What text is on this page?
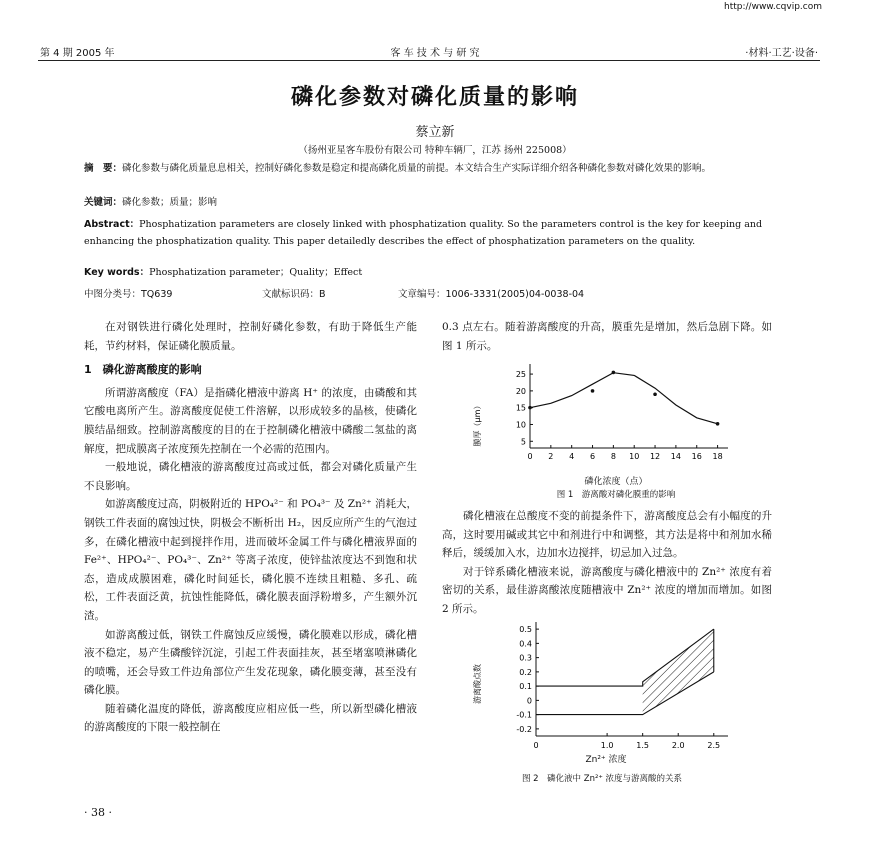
http://www.cqvip.com
第 4 期 2005 年	客 车 技 术 与 研 究	·材料·工艺·设备·
磷化参数对磷化质量的影响
蔡立新
（扬州亚星客车股份有限公司 特种车辆厂，江苏 扬州 225008）
摘　要：磷化参数与磷化质量息息相关，控制好磷化参数是稳定和提高磷化质量的前提。本文结合生产实际详细介绍各种磷化参数对磷化效果的影响。
关键词：磷化参数；质量；影响
Abstract：Phosphatization parameters are closely linked with phosphatization quality. So the parameters control is the key for keeping and enhancing the phosphatization quality. This paper detailedly describes the effect of phosphatization parameters on the quality.
Key words：Phosphatization parameter；Quality；Effect
中图分类号：TQ639	文献标识码：B	文章编号：1006-3331(2005)04-0038-04

在对钢铁进行磷化处理时，控制好磷化参数，有助于降低生产能耗，节约材料，保证磷化膜质量。

1　磷化游离酸度的影响

所谓游离酸度（FA）是指磷化槽液中游离 H⁺ 的浓度，由磷酸和其它酸电离所产生。游离酸度促使工件溶解，以形成较多的晶核，使磷化膜结晶细致。控制游离酸度的目的在于控制磷化槽液中磷酸二氢盐的离解度，把成膜离子浓度预先控制在一个必需的范围内。

一般地说，磷化槽液的游离酸度过高或过低，都会对磷化质量产生不良影响。

如游离酸度过高，阴极附近的 HPO₄²⁻ 和 PO₄³⁻ 及 Zn²⁺ 消耗大，钢铁工件表面的腐蚀过快，阴极会不断析出 H₂，因反应所产生的气泡过多，在磷化槽液中起到搅拌作用，进而破坏金属工件与磷化槽液界面的 Fe²⁺、HPO₄²⁻、PO₄³⁻、Zn²⁺ 等离子浓度，使锌盐浓度达不到饱和状态，造成成膜困难，磷化时间延长，磷化膜不连续且粗糙、多孔、疏松，工件表面泛黄，抗蚀性能降低，磷化膜表面浮粉增多，产生额外沉渣。

如游离酸过低，钢铁工件腐蚀反应缓慢，磷化膜难以形成，磷化槽液不稳定，易产生磷酸锌沉淀，引起工件表面挂灰，甚至堵塞喷淋磷化的喷嘴，还会导致工件边角部位产生发花现象，磷化膜变薄，甚至没有磷化膜。

随着磷化温度的降低，游离酸度应相应低一些，所以新型磷化槽液的游离酸度的下限一般控制在

0.3 点左右。随着游离酸度的升高，膜重先是增加，然后急剧下降。如图 1 所示。

0 2 4 6 8 10 12 14 16 18
5
10
15
20
25
膜厚（μm）
磷化浓度（点）
图 1　游离酸对磷化膜重的影响

磷化槽液在总酸度不变的前提条件下，游离酸度总会有小幅度的升高，这时要用碱或其它中和剂进行中和调整，其方法是将中和剂加水稀释后，缓缓加入水，边加水边搅拌，切忌加入过急。

对于锌系磷化槽液来说，游离酸度与磷化槽液中的 Zn²⁺ 浓度有着密切的关系，最佳游离酸浓度随槽液中 Zn²⁺ 浓度的增加而增加。如图 2 所示。

0	1.0	1.5	2.0	2.5
0.5
0.4
0.3
0.2
0.1
0
-0.1
-0.2
游离酸点数
Zn²⁺ 浓度
图 2　磷化液中 Zn²⁺ 浓度与游离酸的关系
· 38 ·
